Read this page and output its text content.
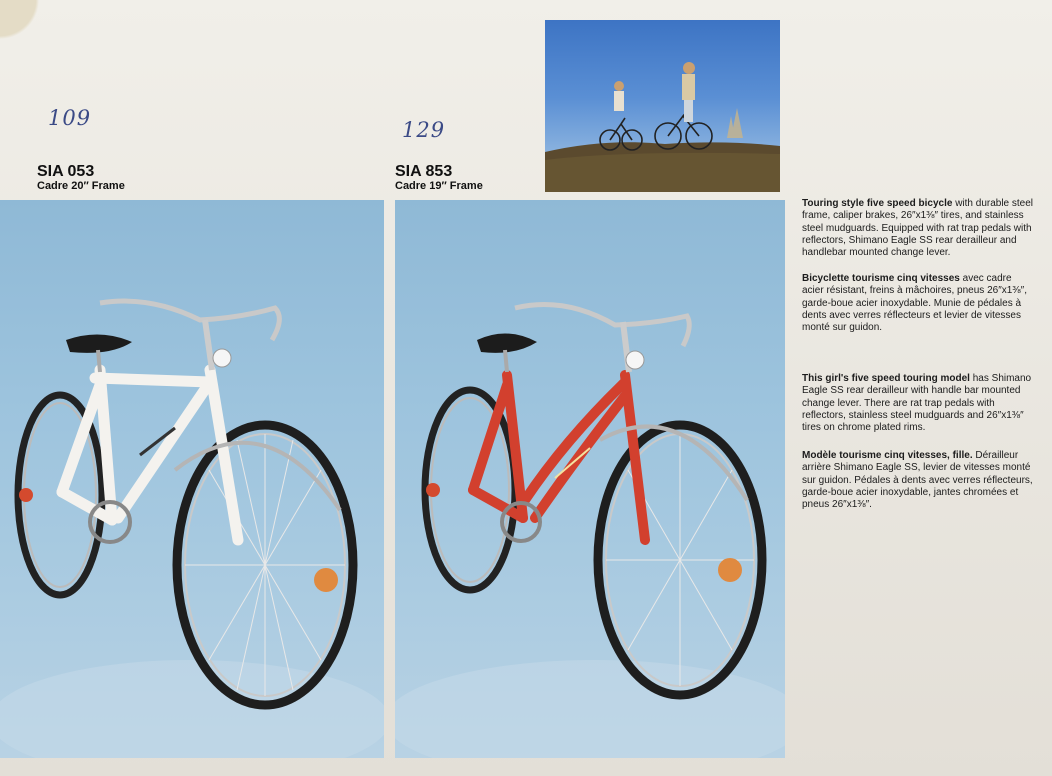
109	129
SIA 053
Cadre 20″ Frame
SIA 853
Cadre 19″ Frame

Touring style five speed bicycle with durable steel frame, caliper brakes, 26″x1⅜″ tires, and stainless steel mudguards. Equipped with rat trap pedals with reflectors, Shimano Eagle SS rear derailleur and handlebar mounted change lever.

Bicyclette tourisme cinq vitesses avec cadre acier résistant, freins à mâchoires, pneus 26″x1⅜″, garde-boue acier inoxydable. Munie de pédales à dents avec verres réflecteurs et levier de vitesses monté sur guidon.

This girl's five speed touring model has Shimano Eagle SS rear derailleur with handle bar mounted change lever. There are rat trap pedals with reflectors, stainless steel mudguards and 26″x1⅜″ tires on chrome plated rims.

Modèle tourisme cinq vitesses, fille. Dérailleur arrière Shimano Eagle SS, levier de vitesses monté sur guidon. Pédales à dents avec verres réflecteurs, garde-boue acier inoxydable, jantes chromées et pneus 26″x1⅜″.
